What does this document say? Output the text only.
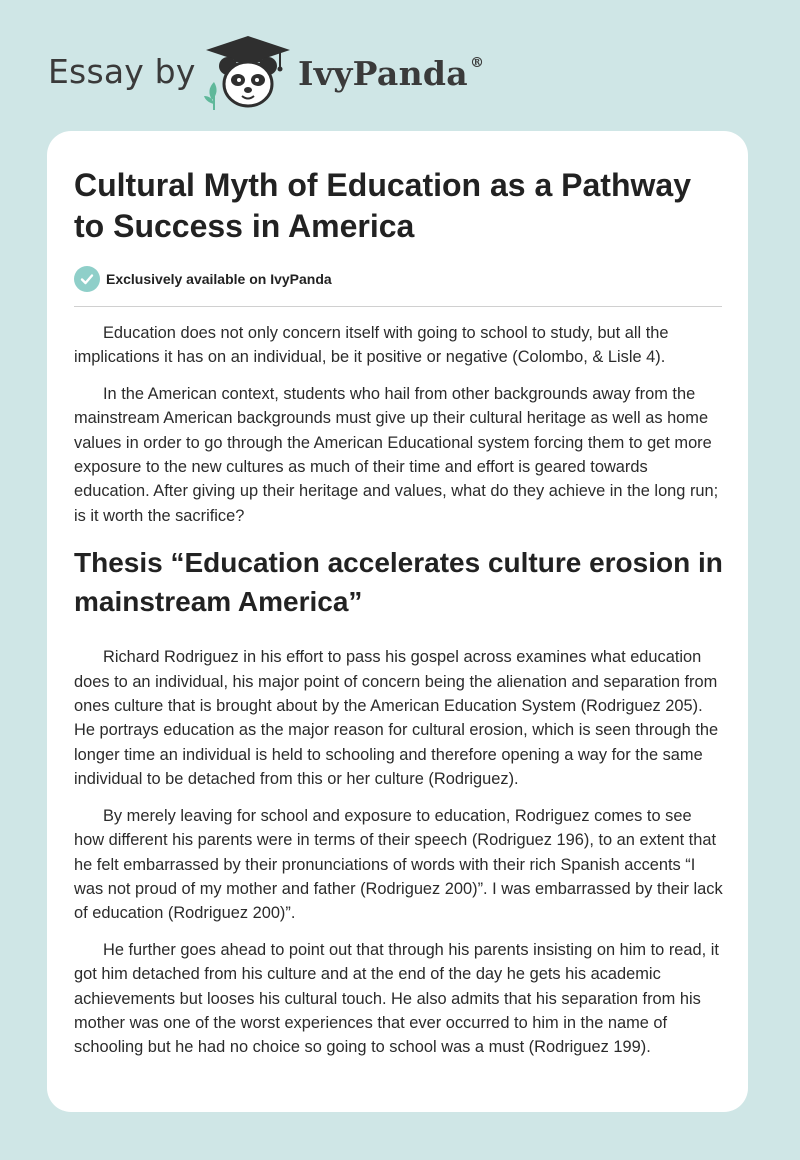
Essay by	IvyPanda ®
Cultural Myth of Education as a Pathway to Success in America
Exclusively available on IvyPanda

Education does not only concern itself with going to school to study, but all the implications it has on an individual, be it positive or negative (Colombo, & Lisle 4).

In the American context, students who hail from other backgrounds away from the mainstream American backgrounds must give up their cultural heritage as well as home values in order to go through the American Educational system forcing them to get more exposure to the new cultures as much of their time and effort is geared towards education. After giving up their heritage and values, what do they achieve in the long run; is it worth the sacrifice?

Thesis “Education accelerates culture erosion in mainstream America”

Richard Rodriguez in his effort to pass his gospel across examines what education does to an individual, his major point of concern being the alienation and separation from ones culture that is brought about by the American Education System (Rodriguez 205). He portrays education as the major reason for cultural erosion, which is seen through the longer time an individual is held to schooling and therefore opening a way for the same individual to be detached from this or her culture (Rodriguez).

By merely leaving for school and exposure to education, Rodriguez comes to see how different his parents were in terms of their speech (Rodriguez 196), to an extent that he felt embarrassed by their pronunciations of words with their rich Spanish accents “I was not proud of my mother and father (Rodriguez 200)”. I was embarrassed by their lack of education (Rodriguez 200)”.

He further goes ahead to point out that through his parents insisting on him to read, it got him detached from his culture and at the end of the day he gets his academic achievements but looses his cultural touch. He also admits that his separation from his mother was one of the worst experiences that ever occurred to him in the name of schooling but he had no choice so going to school was a must (Rodriguez 199).
